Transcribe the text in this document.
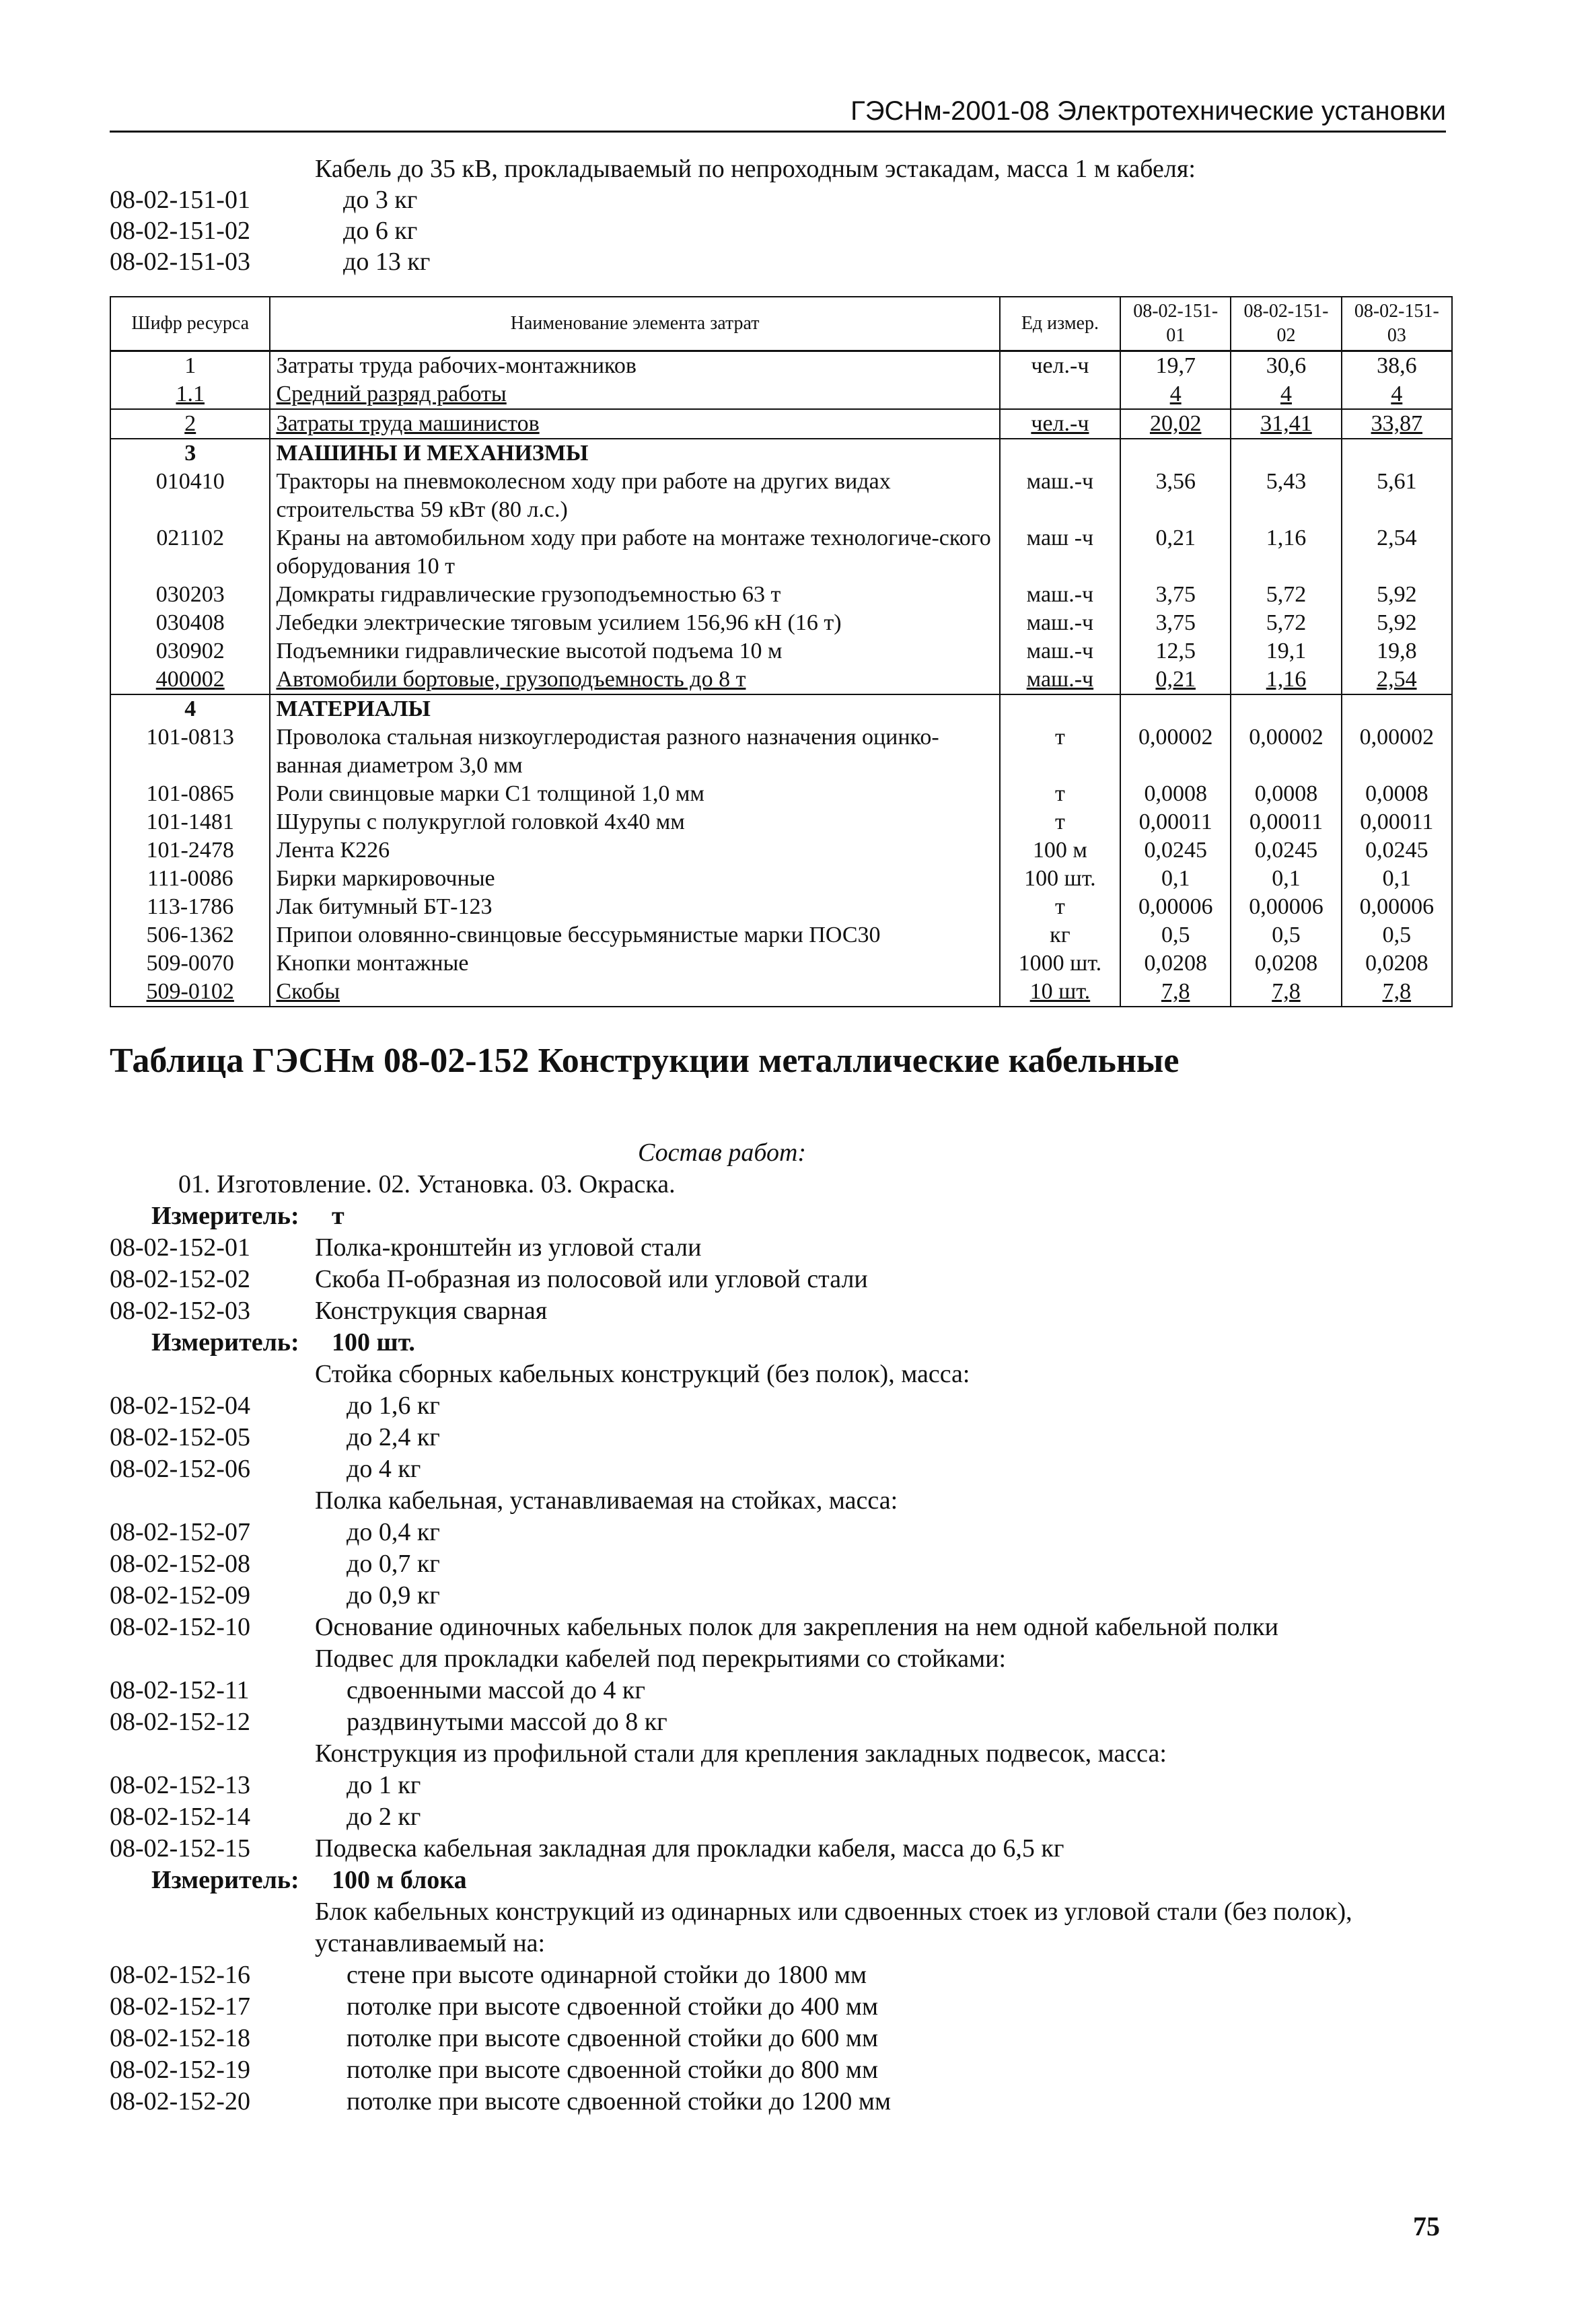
ГЭСНм-2001-08 Электротехнические установки
Кабель до 35 кВ, прокладываемый по непроходным эстакадам, масса 1 м кабеля:
08-02-151-01	до 3 кг
08-02-151-02	до 6 кг
08-02-151-03	до 13 кг
Шифр ресурса	Наименование элемента затрат	Ед измер.	08-02-151-01	08-02-151-02	08-02-151-03
1	Затраты труда рабочих-монтажников	чел.-ч	19,7	30,6	38,6
1.1	Средний разряд работы		4	4	4
2	Затраты труда машинистов	чел.-ч	20,02	31,41	33,87
3	МАШИНЫ И МЕХАНИЗМЫ				
010410	Тракторы на пневмоколесном ходу при работе на других видах строительства 59 кВт (80 л.с.)	маш.-ч	3,56	5,43	5,61
021102	Краны на автомобильном ходу при работе на монтаже технологиче-ского оборудования 10 т	маш -ч	0,21	1,16	2,54
030203	Домкраты гидравлические грузоподъемностью 63 т	маш.-ч	3,75	5,72	5,92
030408	Лебедки электрические тяговым усилием 156,96 кН (16 т)	маш.-ч	3,75	5,72	5,92
030902	Подъемники гидравлические высотой подъема 10 м	маш.-ч	12,5	19,1	19,8
400002	Автомобили бортовые, грузоподъемность до 8 т	маш.-ч	0,21	1,16	2,54
4	МАТЕРИАЛЫ				
101-0813	Проволока стальная низкоуглеродистая разного назначения оцинко-ванная диаметром 3,0 мм	т	0,00002	0,00002	0,00002
101-0865	Роли свинцовые марки С1 толщиной 1,0 мм	т	0,0008	0,0008	0,0008
101-1481	Шурупы с полукруглой головкой 4х40 мм	т	0,00011	0,00011	0,00011
101-2478	Лента К226	100 м	0,0245	0,0245	0,0245
111-0086	Бирки маркировочные	100 шт.	0,1	0,1	0,1
113-1786	Лак битумный БТ-123	т	0,00006	0,00006	0,00006
506-1362	Припои оловянно-свинцовые бессурьмянистые марки ПОС30	кг	0,5	0,5	0,5
509-0070	Кнопки монтажные	1000 шт.	0,0208	0,0208	0,0208
509-0102	Скобы	10 шт.	7,8	7,8	7,8
Таблица ГЭСНм 08-02-152 Конструкции металлические кабельные
Состав работ:
01. Изготовление. 02. Установка. 03. Окраска.
Измеритель: т
08-02-152-01	Полка-кронштейн из угловой стали
08-02-152-02	Скоба П-образная из полосовой или угловой стали
08-02-152-03	Конструкция сварная
Измеритель: 100 шт.
Стойка сборных кабельных конструкций (без полок), масса:
08-02-152-04	до 1,6 кг
08-02-152-05	до 2,4 кг
08-02-152-06	до 4 кг
Полка кабельная, устанавливаемая на стойках, масса:
08-02-152-07	до 0,4 кг
08-02-152-08	до 0,7 кг
08-02-152-09	до 0,9 кг
08-02-152-10	Основание одиночных кабельных полок для закрепления на нем одной кабельной полки
Подвес для прокладки кабелей под перекрытиями со стойками:
08-02-152-11	сдвоенными массой до 4 кг
08-02-152-12	раздвинутыми массой до 8 кг
Конструкция из профильной стали для крепления закладных подвесок, масса:
08-02-152-13	до 1 кг
08-02-152-14	до 2 кг
08-02-152-15	Подвеска кабельная закладная для прокладки кабеля, масса до 6,5 кг
Измеритель: 100 м блока
Блок кабельных конструкций из одинарных или сдвоенных стоек из угловой стали (без полок),
устанавливаемый на:
08-02-152-16	стене при высоте одинарной стойки до 1800 мм
08-02-152-17	потолке при высоте сдвоенной стойки до 400 мм
08-02-152-18	потолке при высоте сдвоенной стойки до 600 мм
08-02-152-19	потолке при высоте сдвоенной стойки до 800 мм
08-02-152-20	потолке при высоте сдвоенной стойки до 1200 мм
75
